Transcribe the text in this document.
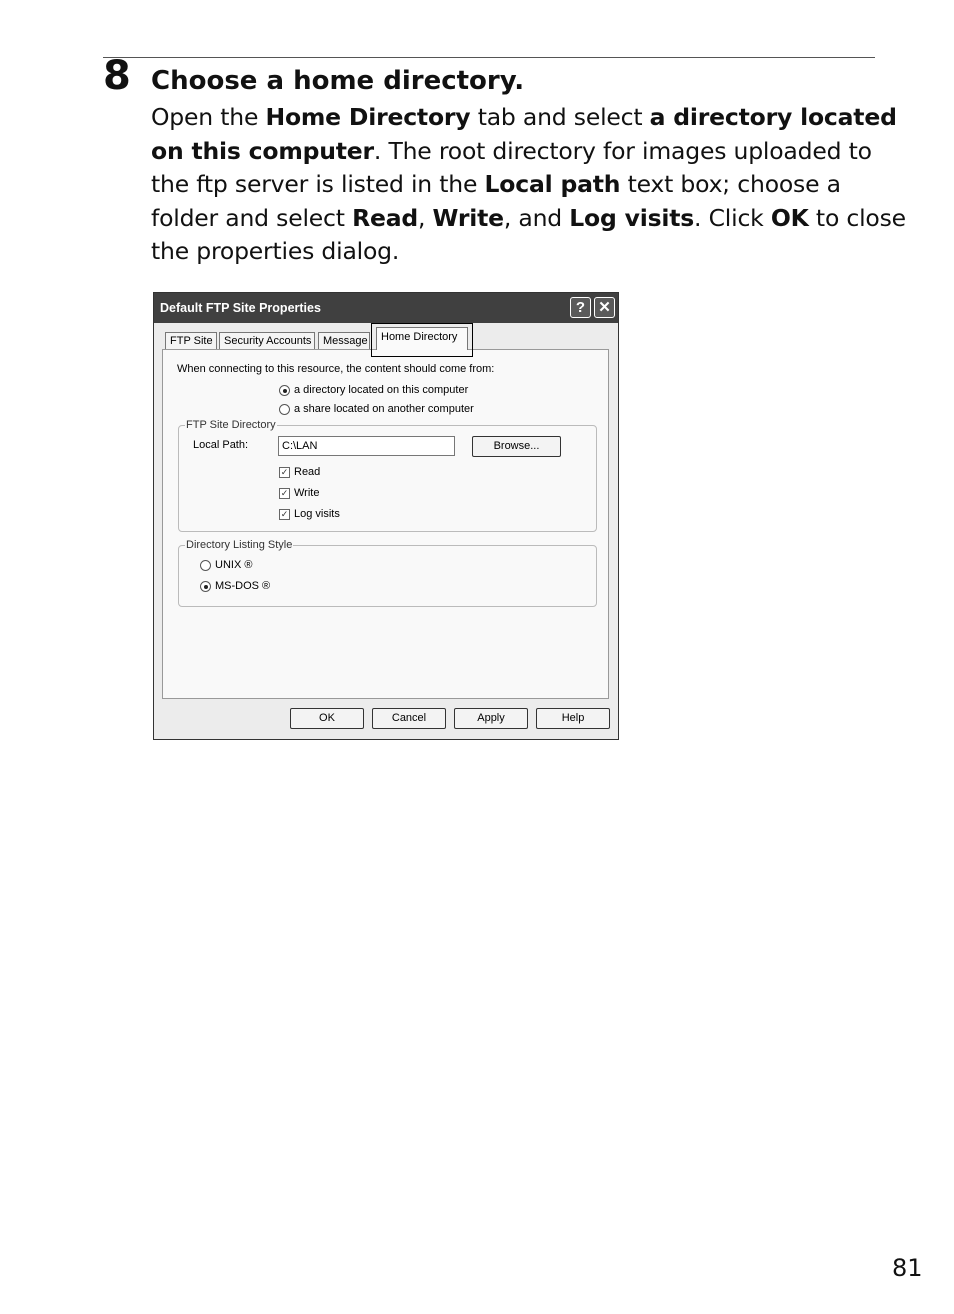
8 Choose a home directory.
Open the Home Directory tab and select a directory located
on this computer. The root directory for images uploaded to
the ftp server is listed in the Local path text box; choose a
folder and select Read, Write, and Log visits. Click OK to close
the properties dialog.
Default FTP Site Properties	? ✕
FTP Site	Security Accounts	Message	Home Directory
When connecting to this resource, the content should come from:
a directory located on this computer
a share located on another computer
FTP Site Directory
Local Path:	C:\LAN	Browse...
✓ Read
✓ Write
✓ Log visits
Directory Listing Style
UNIX ®
MS-DOS ®
OK	Cancel	Apply	Help
81
